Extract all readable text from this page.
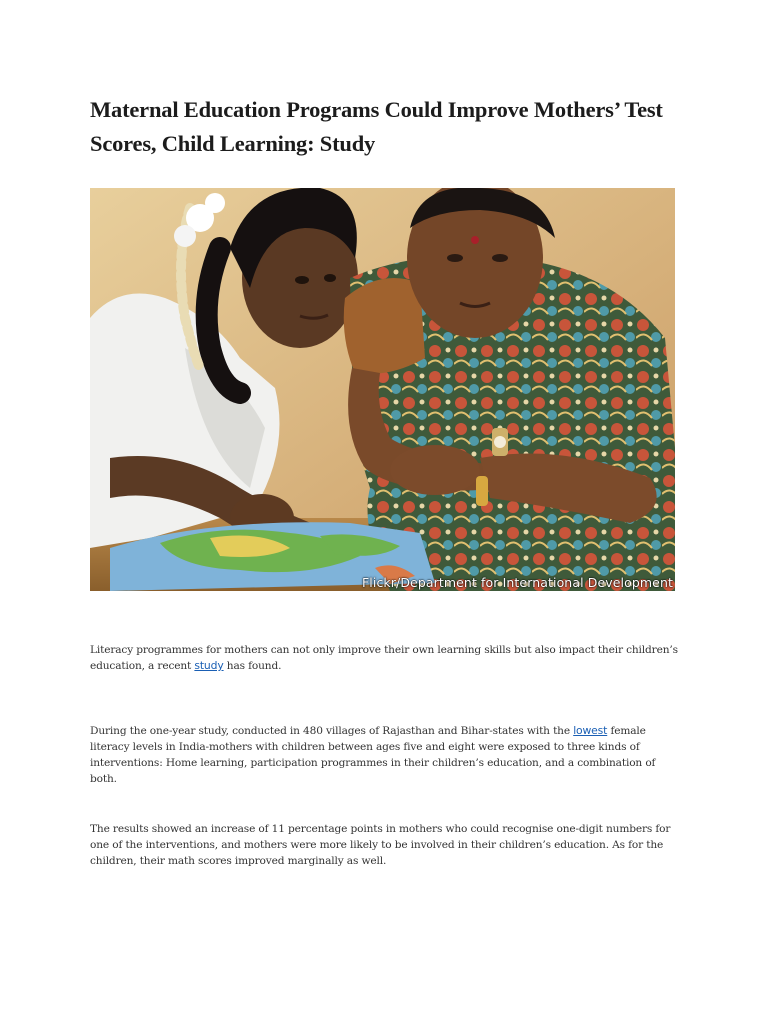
Maternal Education Programs Could Improve Mothers’ Test Scores, Child Learning: Study
Flickr/Department for International Development

Literacy programmes for mothers can not only improve their own learning skills but also impact their children’s education, a recent study has found.

During the one-year study, conducted in 480 villages of Rajasthan and Bihar-states with the lowest female literacy levels in India-mothers with children between ages five and eight were exposed to three kinds of interventions: Home learning, participation programmes in their children’s education, and a combination of both.

The results showed an increase of 11 percentage points in mothers who could recognise one-digit numbers for one of the interventions, and mothers were more likely to be involved in their children’s education. As for the children, their math scores improved marginally as well.
